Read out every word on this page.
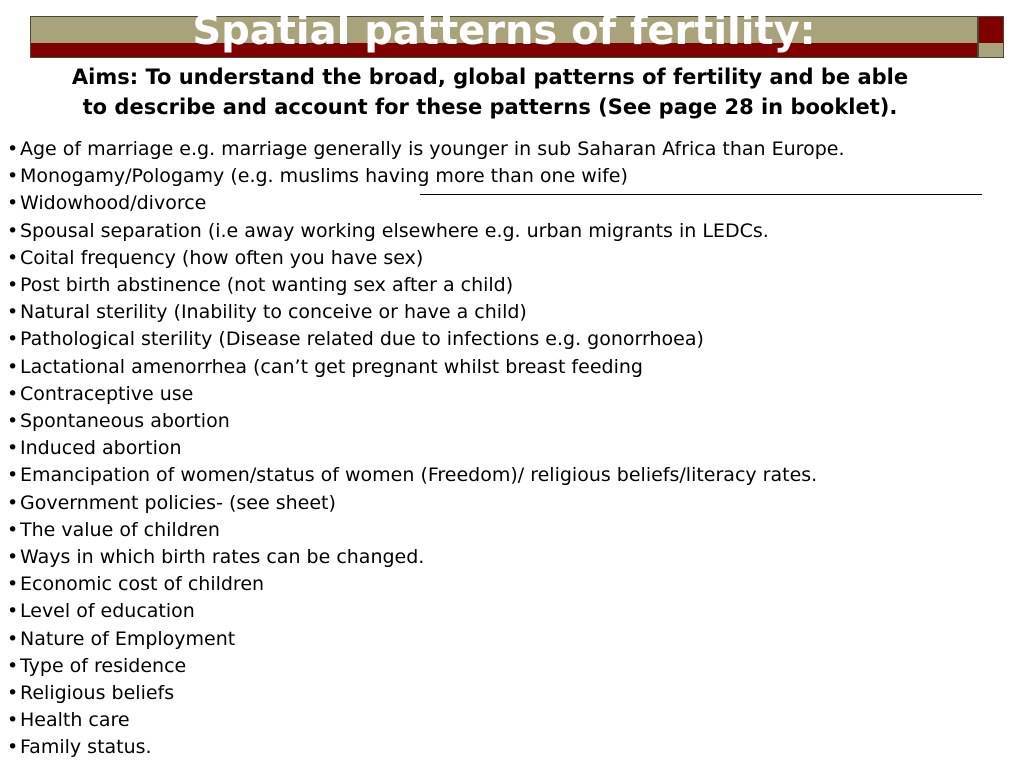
Spatial patterns of fertility:

Aims: To understand the broad, global patterns of fertility and be able to describe and account for these patterns (See page 28 in booklet).

•Age of marriage e.g. marriage generally is younger in sub Saharan Africa than Europe.
•Monogamy/Pologamy (e.g. muslims having more than one wife)
•Widowhood/divorce
•Spousal separation (i.e away working elsewhere e.g. urban migrants in LEDCs.
•Coital frequency (how often you have sex)
•Post birth abstinence (not wanting sex after a child)
•Natural sterility (Inability to conceive or have a child)
•Pathological sterility (Disease related due to infections e.g. gonorrhoea)
•Lactational amenorrhea (can’t get pregnant whilst breast feeding
•Contraceptive use
•Spontaneous abortion
•Induced abortion
•Emancipation of women/status of women (Freedom)/ religious beliefs/literacy rates.
•Government policies- (see sheet)
•The value of children
•Ways in which birth rates can be changed.
•Economic cost of children
•Level of education
•Nature of Employment
•Type of residence
•Religious beliefs
•Health care
•Family status.
